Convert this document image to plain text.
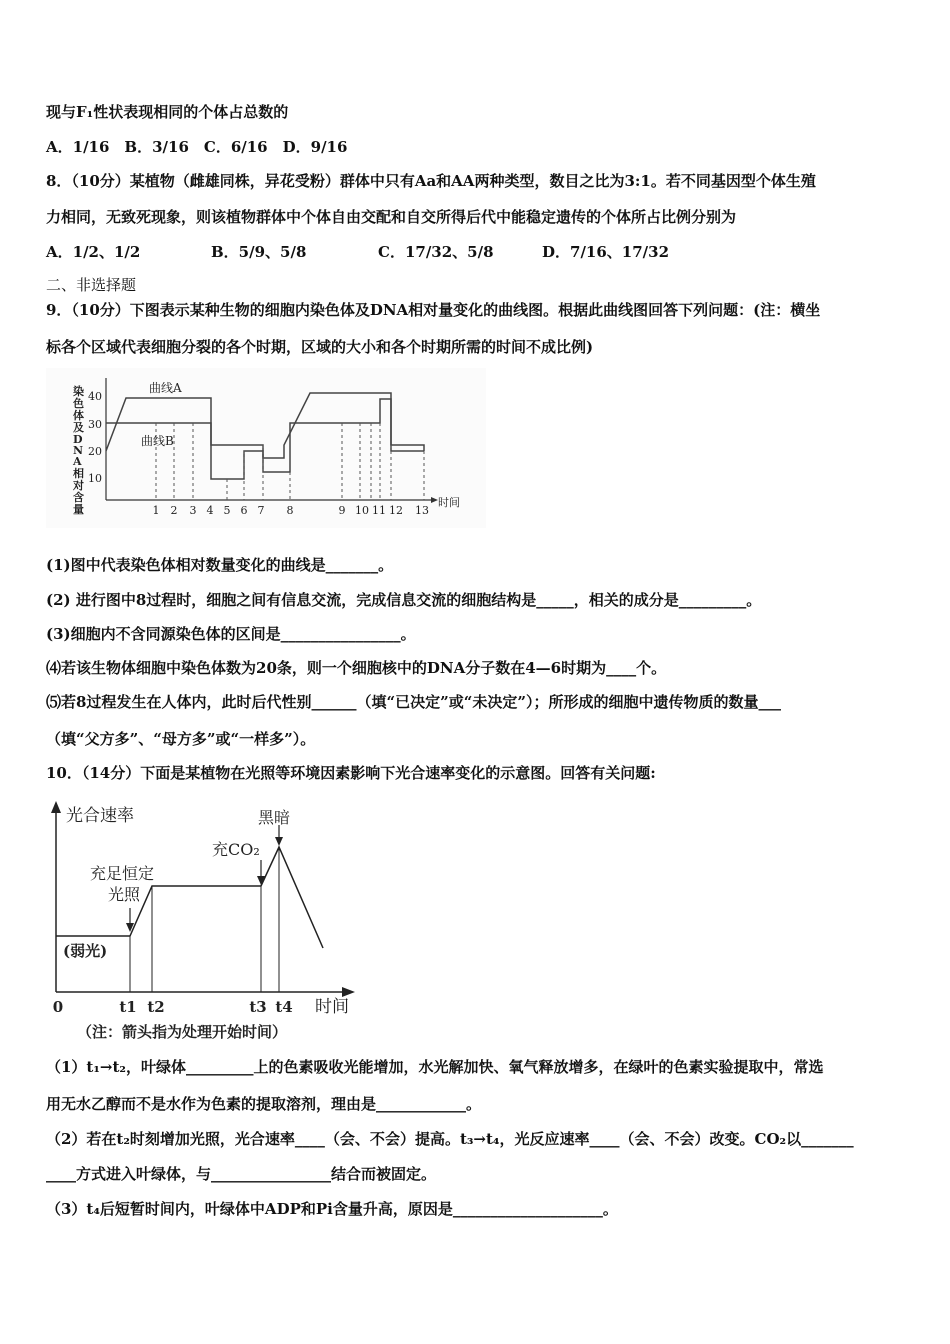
现与F₁性状表现相同的个体占总数的
A．1/16　B．3/16　C．6/16　D．9/16
8．（10分）某植物（雌雄同株，异花受粉）群体中只有Aa和AA两种类型，数目之比为3:1。若不同基因型个体生殖
力相同，无致死现象，则该植物群体中个体自由交配和自交所得后代中能稳定遗传的个体所占比例分别为
A．1/2、1/2	B．5/9、5/8	C．17/32、5/8	D．7/16、17/32
二、非选择题
9．（10分）下图表示某种生物的细胞内染色体及DNA相对量变化的曲线图。根据此曲线图回答下列问题：(注：横坐
标各个区域代表细胞分裂的各个时期，区域的大小和各个时期所需的时间不成比例)
染
色
体
及
D
N
A
相
对
含
量
40
30
20
10
曲线A
曲线B
1 2 3 4 5 6 7 8	9 10 11 12 13
时间
(1)图中代表染色体相对数量变化的曲线是_______。
(2) 进行图中8过程时，细胞之间有信息交流，完成信息交流的细胞结构是_____，相关的成分是_________。
(3)细胞内不含同源染色体的区间是________________。
⑷若该生物体细胞中染色体数为20条，则一个细胞核中的DNA分子数在4—6时期为____个。
⑸若8过程发生在人体内，此时后代性别______（填“已决定”或“未决定”）；所形成的细胞中遗传物质的数量___
（填“父方多”、“母方多”或“一样多”）。
10．（14分）下面是某植物在光照等环境因素影响下光合速率变化的示意图。回答有关问题:
光合速率
(弱光)
充足恒定
光照
充CO₂
黑暗
0	t1 t2	t3 t4 时间
（注：箭头指为处理开始时间）
（1）t₁→t₂，叶绿体_________上的色素吸收光能增加，水光解加快、氧气释放增多，在绿叶的色素实验提取中，常选
用无水乙醇而不是水作为色素的提取溶剂，理由是____________。
（2）若在t₂时刻增加光照，光合速率____（会、不会）提高。t₃→t₄，光反应速率____（会、不会）改变。CO₂以_______
____方式进入叶绿体，与________________结合而被固定。
（3）t₄后短暂时间内，叶绿体中ADP和Pi含量升高，原因是____________________。
